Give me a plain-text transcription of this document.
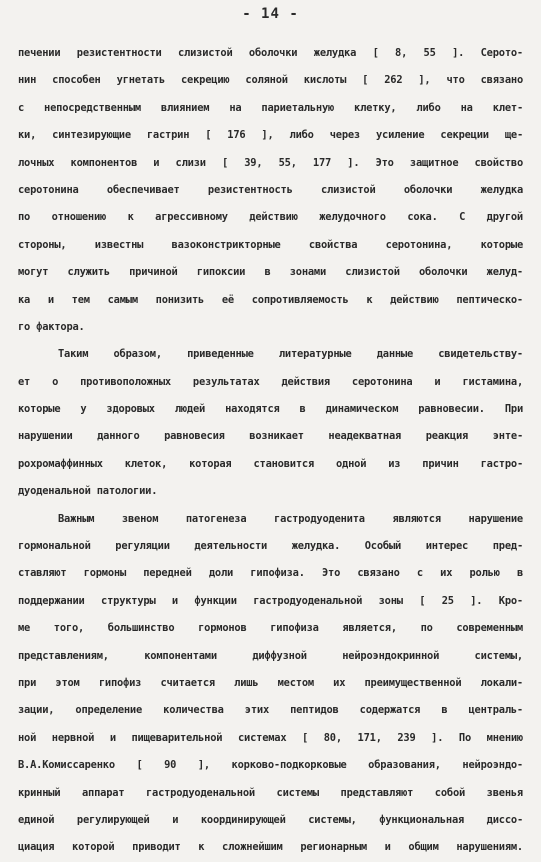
- 14 -
печении резистентности слизистой оболочки желудка [ 8, 55 ]. Серото-
нин способен угнетать секрецию соляной кислоты [ 262 ], что связано
с непосредственным влиянием на париетальную клетку, либо на клет-
ки, синтезирующие гастрин [ 176 ], либо через усиление секреции ще-
лочных компонентов и слизи [ 39, 55, 177 ]. Это защитное свойство
серотонина обеспечивает резистентность слизистой оболочки желудка
по отношению к агрессивному действию желудочного сока. С другой
стороны, известны вазоконстрикторные свойства серотонина, которые
могут служить причиной гипоксии в зонами слизистой оболочки желуд-
ка и тем самым понизить её сопротивляемость к действию пептическо-
го фактора.
Таким образом, приведенные литературные данные свидетельству-
ет о противоположных результатах действия серотонина и гистамина,
которые у здоровых людей находятся в динамическом равновесии. При
нарушении данного равновесия возникает неадекватная реакция энте-
рохромаффинных клеток, которая становится одной из причин гастро-
дуоденальной патологии.
Важным звеном патогенеза гастродуоденита являются нарушение
гормональной регуляции деятельности желудка. Особый интерес пред-
ставляют гормоны передней доли гипофиза. Это связано с их ролью в
поддержании структуры и функции гастродуоденальной зоны [ 25 ]. Кро-
ме того, большинство гормонов гипофиза является, по современным
представлениям, компонентами диффузной нейроэндокринной системы,
при этом гипофиз считается лишь местом их преимущественной локали-
зации, определение количества этих пептидов содержатся в централь-
ной нервной и пищеварительной системах [ 80, 171, 239 ]. По мнению
В.А.Комиссаренко [ 90 ], корково-подкорковые образования, нейроэндо-
кринный аппарат гастродуоденальной системы представляют собой звенья
единой регулирующей и координирующей системы, функциональная диссо-
циация которой приводит к сложнейшим регионарным и общим нарушениям.
